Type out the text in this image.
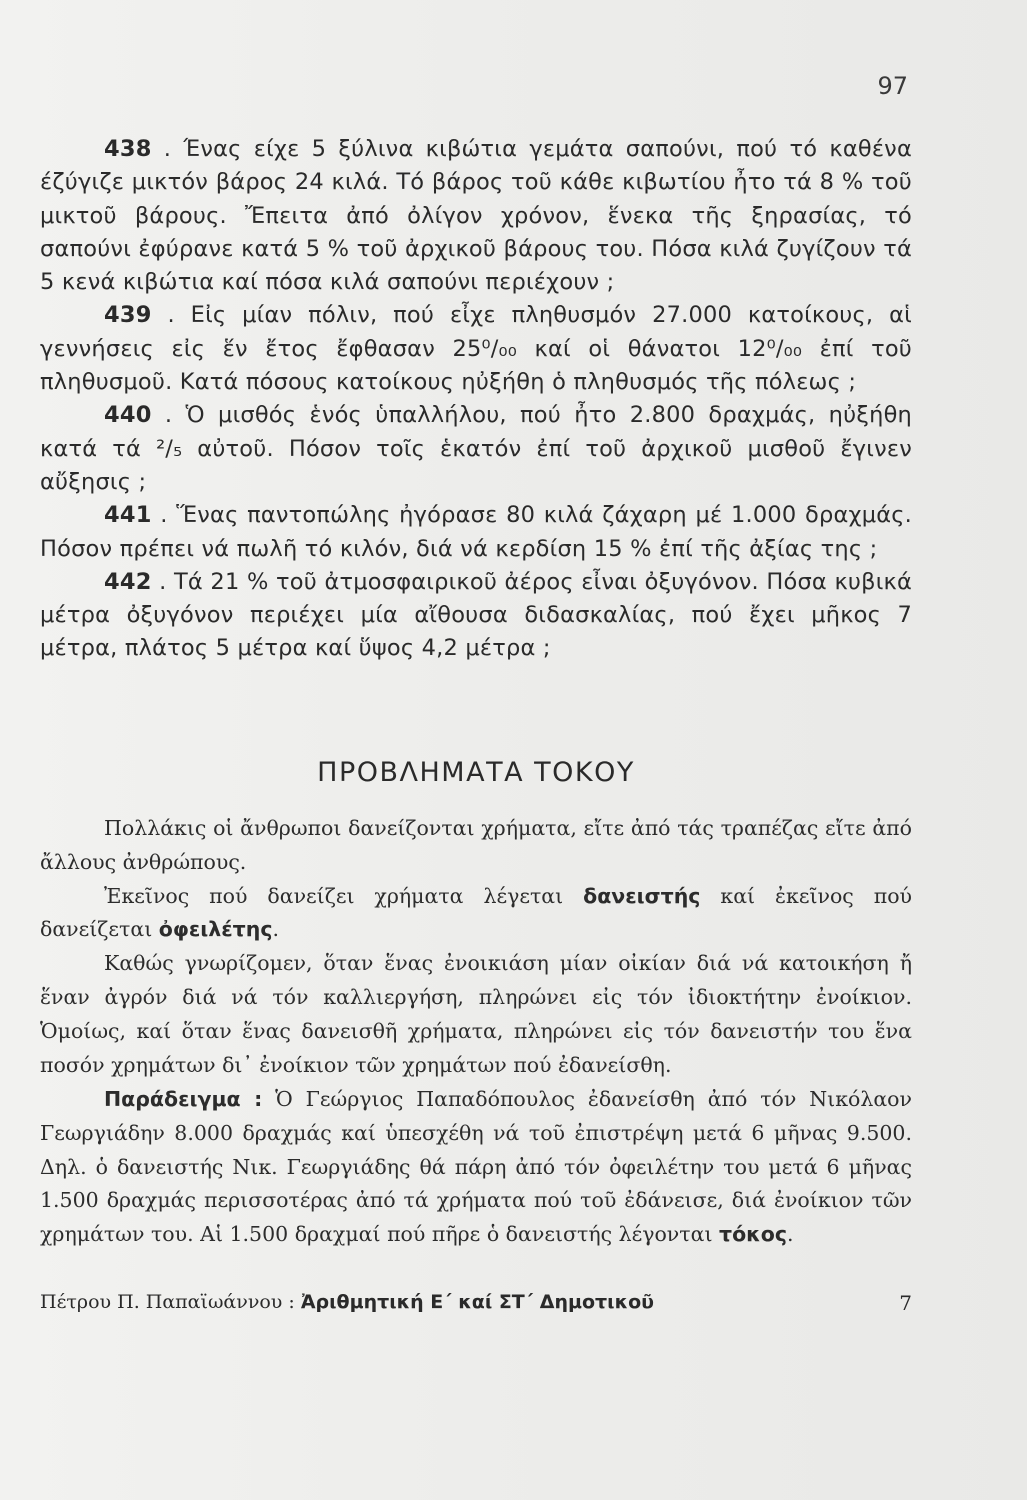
97

438 . Ένας είχε 5 ξύλινα κιβώτια γεμάτα σαπούνι, πού τό καθένα έζύγιζε μικτόν βάρος 24 κιλά. Τό βάρος τοῦ κάθε κιβωτίου ἦτο τά 8 % τοῦ μικτοῦ βάρους. Ἔπειτα ἀπό ὀλίγον χρόνον, ἕνεκα τῆς ξηρασίας, τό σαπούνι ἐφύρανε κατά 5 % τοῦ ἀρχικοῦ βάρους του. Πόσα κιλά ζυγίζουν τά 5 κενά κιβώτια καί πόσα κιλά σαπούνι περιέχουν ;

439 . Εἰς μίαν πόλιν, πού εἶχε πληθυσμόν 27.000 κατοίκους, αἱ γεννήσεις εἰς ἕν ἔτος ἔφθασαν 25⁰/₀₀ καί οἱ θάνατοι 12⁰/₀₀ ἐπί τοῦ πληθυσμοῦ. Κατά πόσους κατοίκους ηὐξήθη ὁ πληθυσμός τῆς πόλεως ;

440 . Ὁ μισθός ἑνός ὑπαλλήλου, πού ἦτο 2.800 δραχμάς, ηὐξήθη κατά τά ²/₅ αὐτοῦ. Πόσον τοῖς ἑκατόν ἐπί τοῦ ἀρχικοῦ μισθοῦ ἔγινεν αὔξησις ;

441 . Ἕνας παντοπώλης ἠγόρασε 80 κιλά ζάχαρη μέ 1.000 δραχμάς. Πόσον πρέπει νά πωλῆ τό κιλόν, διά νά κερδίση 15 % ἐπί τῆς ἀξίας της ;

442 . Τά 21 % τοῦ ἀτμοσφαιρικοῦ ἀέρος εἶναι ὀξυγόνον. Πόσα κυβικά μέτρα ὀξυγόνον περιέχει μία αἴθουσα διδασκαλίας, πού ἔχει μῆκος 7 μέτρα, πλάτος 5 μέτρα καί ὕψος 4,2 μέτρα ;

ΠΡΟΒΛΗΜΑΤΑ ΤΟΚΟΥ

Πολλάκις οἱ ἄνθρωποι δανείζονται χρήματα, εἴτε ἀπό τάς τραπέζας εἴτε ἀπό ἄλλους ἀνθρώπους.

Ἐκεῖνος πού δανείζει χρήματα λέγεται δανειστής καί ἐκεῖνος πού δανείζεται ὀφειλέτης.

Καθώς γνωρίζομεν, ὅταν ἕνας ἐνοικιάση μίαν οἰκίαν διά νά κατοικήση ἤ ἕναν ἀγρόν διά νά τόν καλλιεργήση, πληρώνει εἰς τόν ἰδιοκτήτην ἐνοίκιον. Ὁμοίως, καί ὅταν ἕνας δανεισθῆ χρήματα, πληρώνει εἰς τόν δανειστήν του ἕνα ποσόν χρημάτων δι᾽ ἐνοίκιον τῶν χρημάτων πού ἐδανείσθη.

Παράδειγμα : Ὁ Γεώργιος Παπαδόπουλος ἐδανείσθη ἀπό τόν Νικόλαον Γεωργιάδην 8.000 δραχμάς καί ὑπεσχέθη νά τοῦ ἐπιστρέψη μετά 6 μῆνας 9.500. Δηλ. ὁ δανειστής Νικ. Γεωργιάδης θά πάρη ἀπό τόν ὀφειλέτην του μετά 6 μῆνας 1.500 δραχμάς περισσοτέρας ἀπό τά χρήματα πού τοῦ ἐδάνεισε, διά ἐνοίκιον τῶν χρημάτων του. Αἱ 1.500 δραχμαί πού πῆρε ὁ δανειστής λέγονται τόκος.

Πέτρου Π. Παπαϊωάννου : Ἀριθμητική Ε΄ καί ΣΤ΄ Δημοτικοῦ	7
